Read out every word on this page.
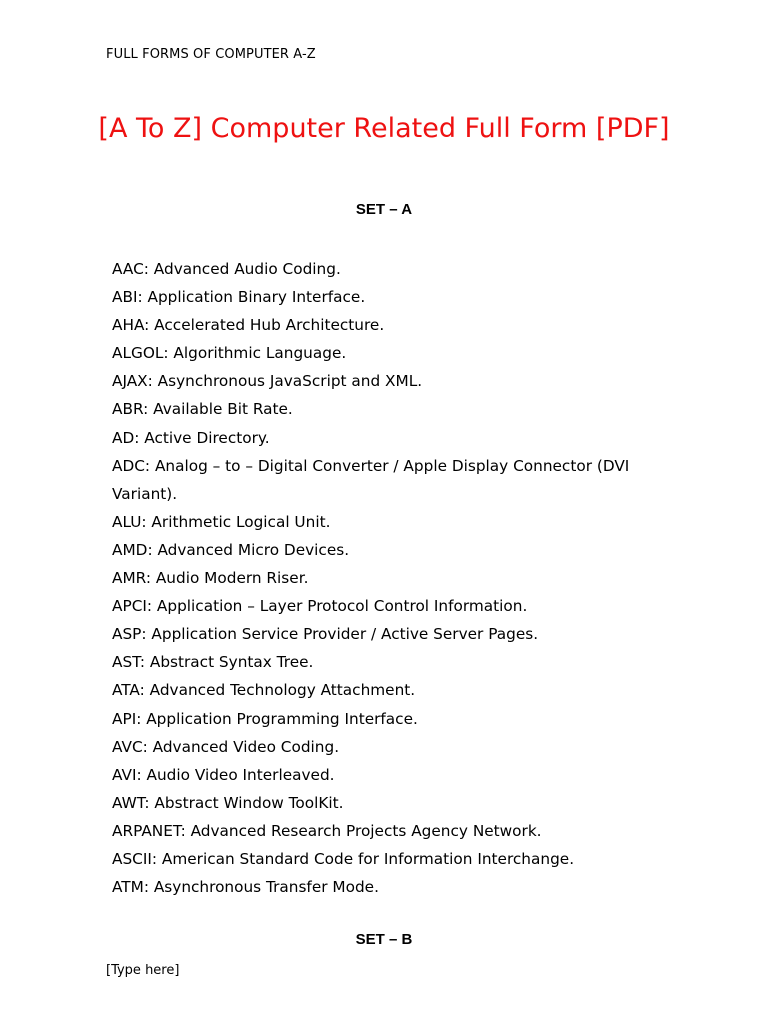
FULL FORMS OF COMPUTER A-Z
[A To Z] Computer Related Full Form [PDF]
SET – A
AAC: Advanced Audio Coding.
ABI: Application Binary Interface.
AHA: Accelerated Hub Architecture.
ALGOL: Algorithmic Language.
AJAX: Asynchronous JavaScript and XML.
ABR: Available Bit Rate.
AD: Active Directory.
ADC: Analog – to – Digital Converter / Apple Display Connector (DVI Variant).
ALU: Arithmetic Logical Unit.
AMD: Advanced Micro Devices.
AMR: Audio Modern Riser.
APCI: Application – Layer Protocol Control Information.
ASP: Application Service Provider / Active Server Pages.
AST: Abstract Syntax Tree.
ATA: Advanced Technology Attachment.
API: Application Programming Interface.
AVC: Advanced Video Coding.
AVI: Audio Video Interleaved.
AWT: Abstract Window ToolKit.
ARPANET: Advanced Research Projects Agency Network.
ASCII: American Standard Code for Information Interchange.
ATM: Asynchronous Transfer Mode.
SET – B
[Type here]
